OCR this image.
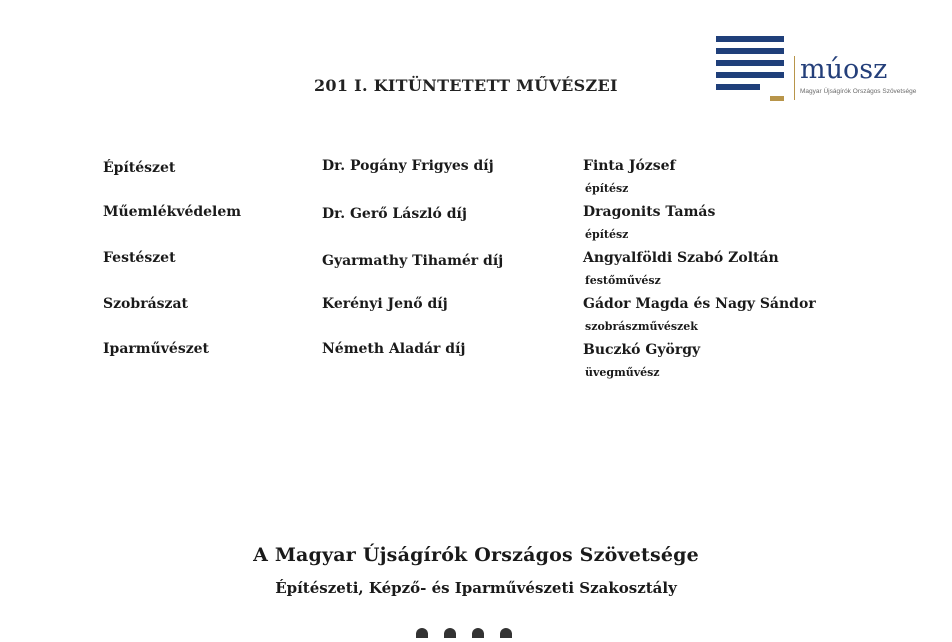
201 I. KITÜNTETETT MŰVÉSZEI
múosz
Magyar Újságírók Országos Szövetsége
Építészet	Dr. Pogány Frigyes díj	Finta József
építész
Műemlékvédelem	Dr. Gerő László díj	Dragonits Tamás
építész
Festészet	Gyarmathy Tihamér díj	Angyalföldi Szabó Zoltán
festőművész
Szobrászat	Kerényi Jenő díj	Gádor Magda és Nagy Sándor
szobrászművészek
Iparművészet	Németh Aladár díj	Buczkó György
üvegművész
A Magyar Újságírók Országos Szövetsége
Építészeti, Képző- és Iparművészeti Szakosztály
